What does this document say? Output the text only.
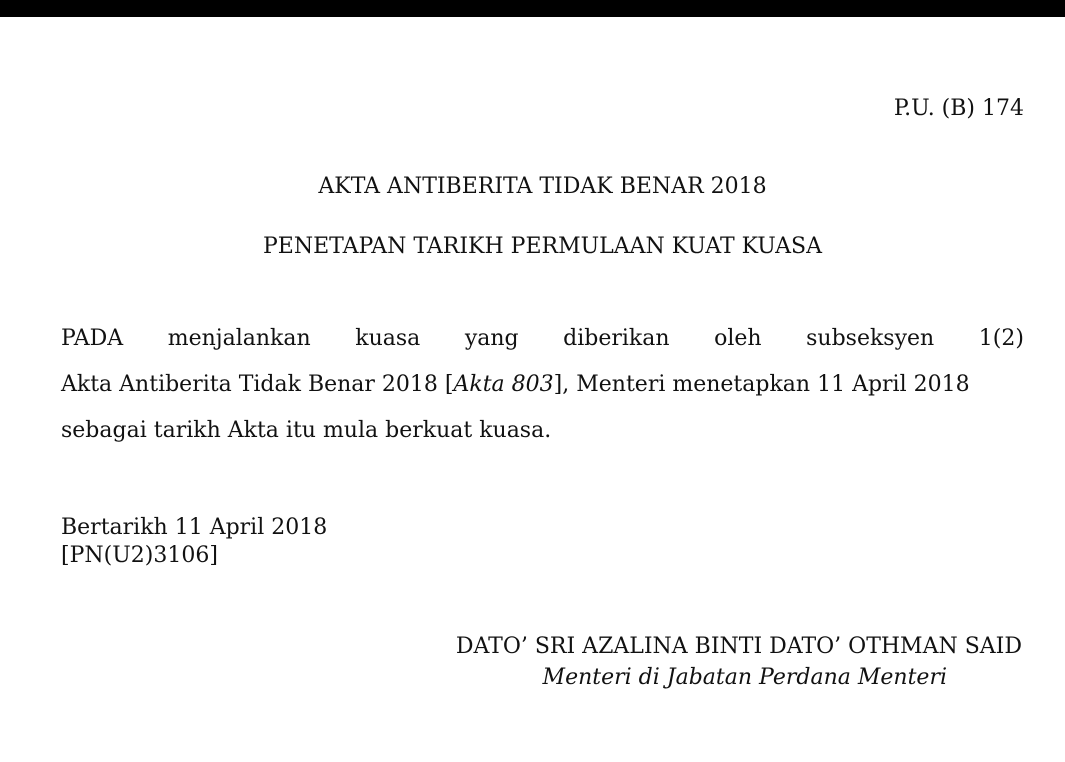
P.U. (B) 174
AKTA ANTIBERITA TIDAK BENAR 2018
PENETAPAN TARIKH PERMULAAN KUAT KUASA
PADA menjalankan kuasa yang diberikan oleh subseksyen 1(2)
Akta Antiberita Tidak Benar 2018 [Akta 803], Menteri menetapkan 11 April 2018
sebagai tarikh Akta itu mula berkuat kuasa.
Bertarikh 11 April 2018
[PN(U2)3106]
DATO’ SRI AZALINA BINTI DATO’ OTHMAN SAID
Menteri di Jabatan Perdana Menteri
